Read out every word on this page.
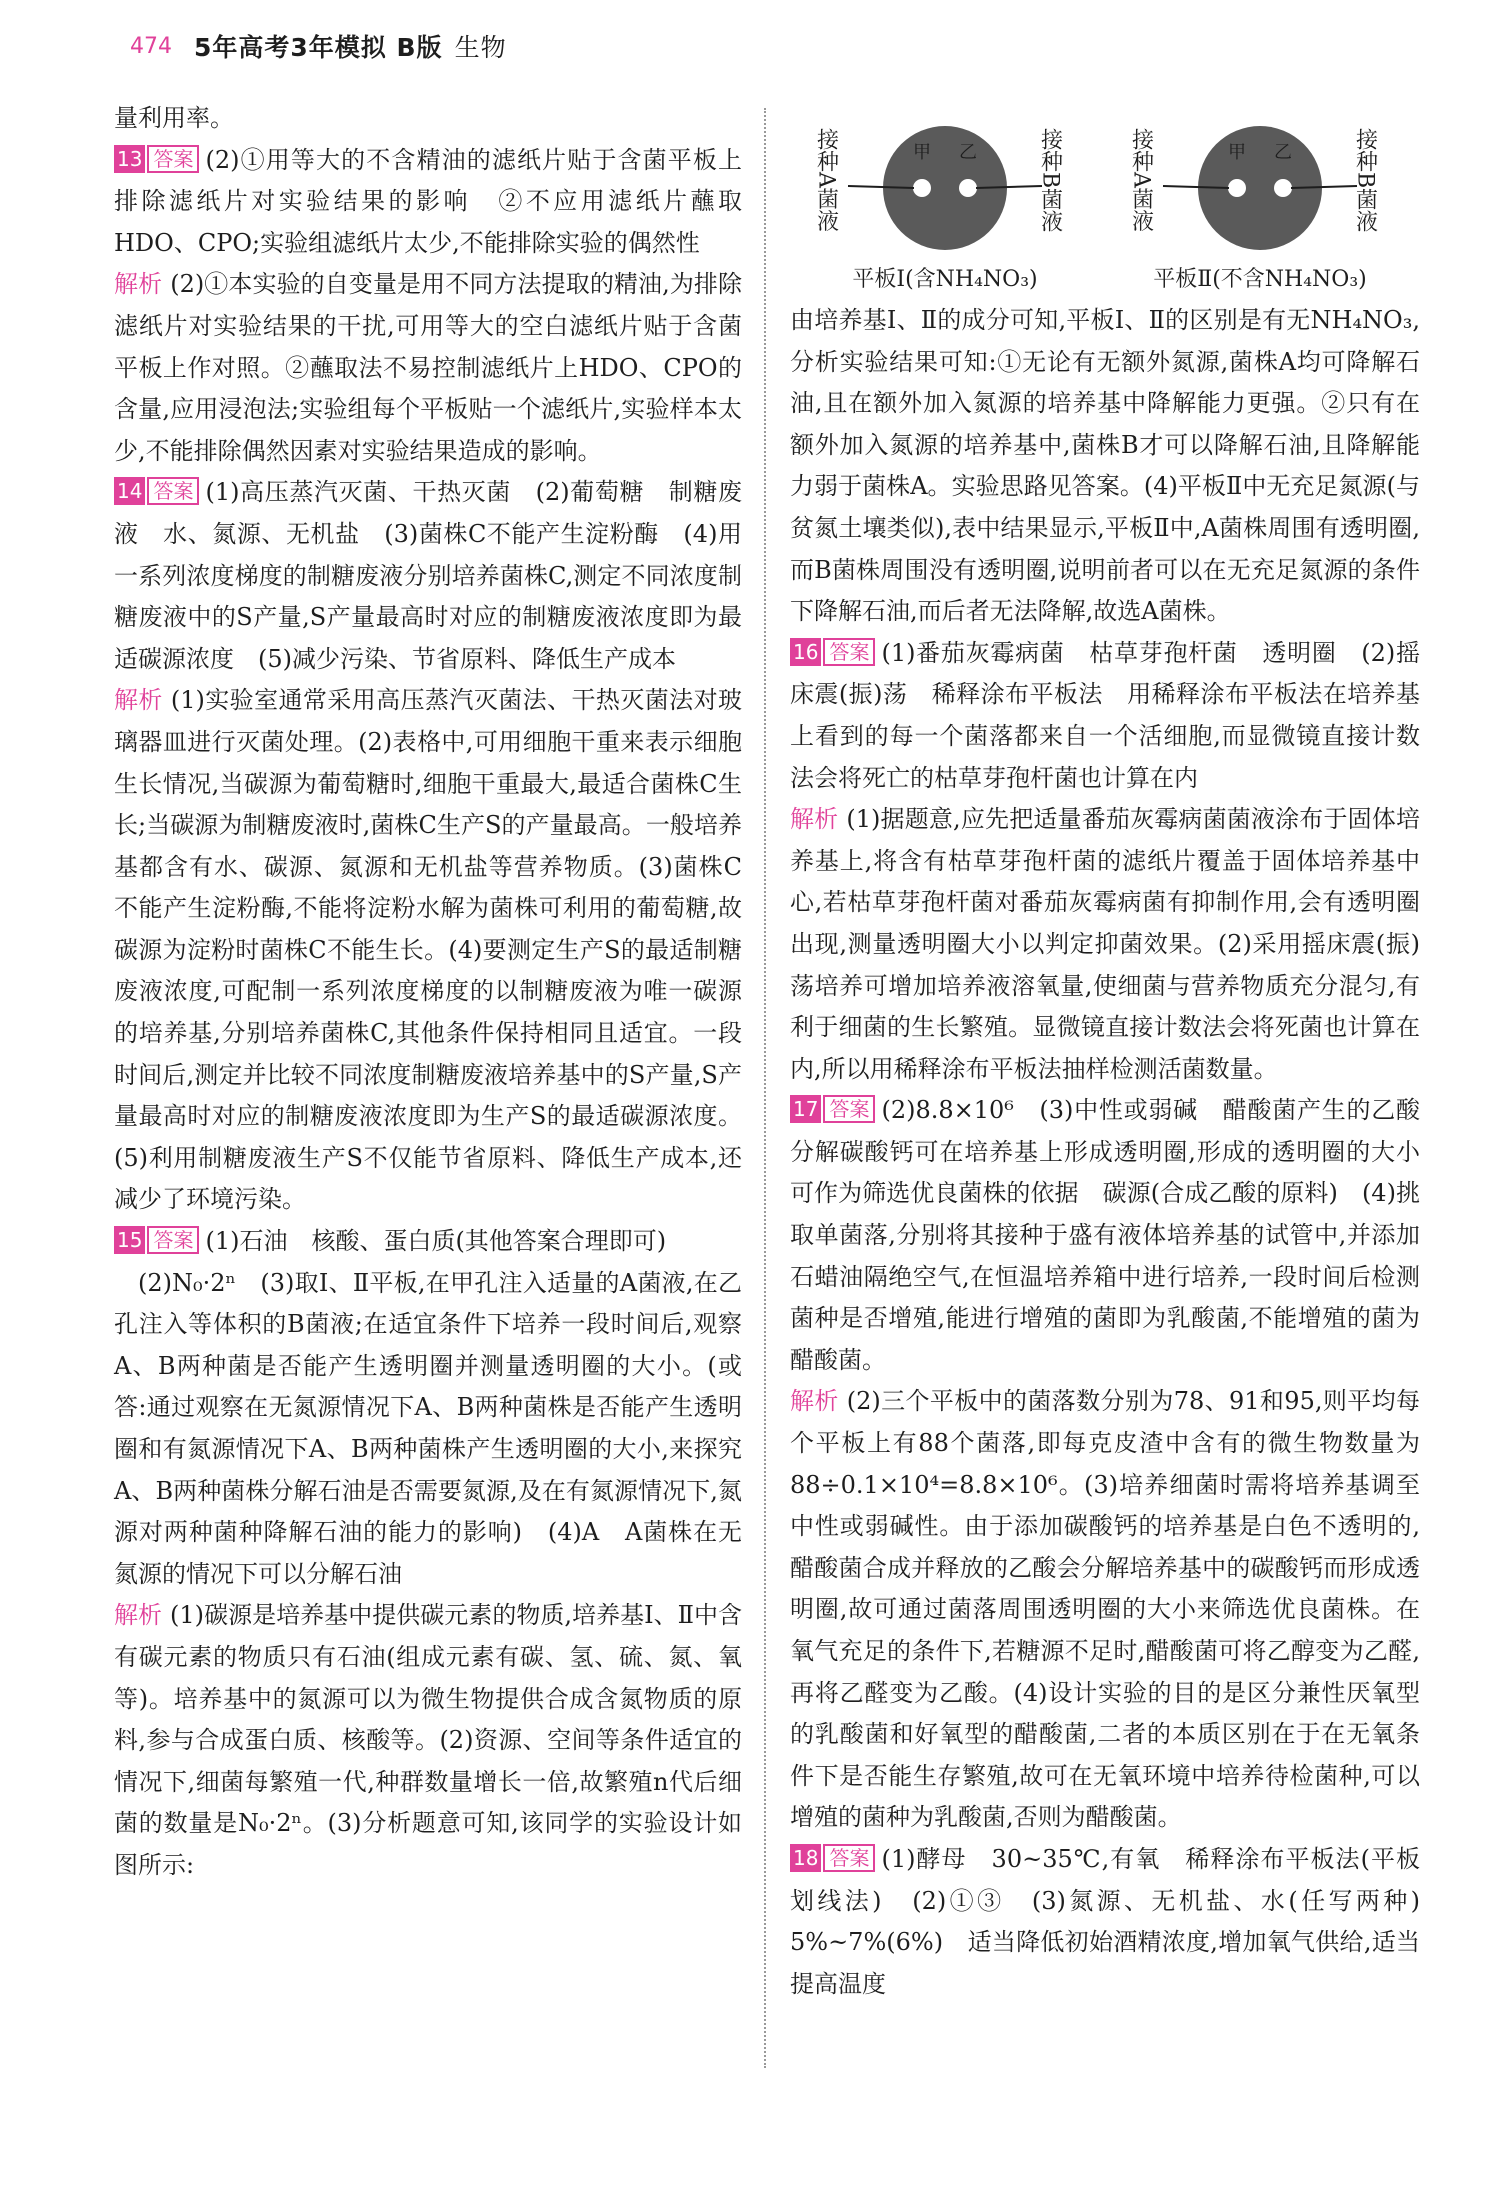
474 5年高考3年模拟 B版 生物

量利用率。

13 答案 (2)①用等大的不含精油的滤纸片贴于含菌平板上　排除滤纸片对实验结果的影响　②不应用滤纸片蘸取HDO、CPO;实验组滤纸片太少,不能排除实验的偶然性

解析 (2)①本实验的自变量是用不同方法提取的精油,为排除滤纸片对实验结果的干扰,可用等大的空白滤纸片贴于含菌平板上作对照。②蘸取法不易控制滤纸片上HDO、CPO的含量,应用浸泡法;实验组每个平板贴一个滤纸片,实验样本太少,不能排除偶然因素对实验结果造成的影响。

14 答案 (1)高压蒸汽灭菌、干热灭菌　(2)葡萄糖　制糖废液　水、氮源、无机盐　(3)菌株C不能产生淀粉酶　(4)用一系列浓度梯度的制糖废液分别培养菌株C,测定不同浓度制糖废液中的S产量,S产量最高时对应的制糖废液浓度即为最适碳源浓度　(5)减少污染、节省原料、降低生产成本

解析 (1)实验室通常采用高压蒸汽灭菌法、干热灭菌法对玻璃器皿进行灭菌处理。(2)表格中,可用细胞干重来表示细胞生长情况,当碳源为葡萄糖时,细胞干重最大,最适合菌株C生长;当碳源为制糖废液时,菌株C生产S的产量最高。一般培养基都含有水、碳源、氮源和无机盐等营养物质。(3)菌株C不能产生淀粉酶,不能将淀粉水解为菌株可利用的葡萄糖,故碳源为淀粉时菌株C不能生长。(4)要测定生产S的最适制糖废液浓度,可配制一系列浓度梯度的以制糖废液为唯一碳源的培养基,分别培养菌株C,其他条件保持相同且适宜。一段时间后,测定并比较不同浓度制糖废液培养基中的S产量,S产量最高时对应的制糖废液浓度即为生产S的最适碳源浓度。(5)利用制糖废液生产S不仅能节省原料、降低生产成本,还减少了环境污染。

15 答案 (1)石油　核酸、蛋白质(其他答案合理即可)

(2)N₀·2ⁿ　(3)取Ⅰ、Ⅱ平板,在甲孔注入适量的A菌液,在乙孔注入等体积的B菌液;在适宜条件下培养一段时间后,观察A、B两种菌是否能产生透明圈并测量透明圈的大小。(或答:通过观察在无氮源情况下A、B两种菌株是否能产生透明圈和有氮源情况下A、B两种菌株产生透明圈的大小,来探究A、B两种菌株分解石油是否需要氮源,及在有氮源情况下,氮源对两种菌种降解石油的能力的影响)　(4)A　A菌株在无氮源的情况下可以分解石油

解析 (1)碳源是培养基中提供碳元素的物质,培养基Ⅰ、Ⅱ中含有碳元素的物质只有石油(组成元素有碳、氢、硫、氮、氧等)。培养基中的氮源可以为微生物提供合成含氮物质的原料,参与合成蛋白质、核酸等。(2)资源、空间等条件适宜的情况下,细菌每繁殖一代,种群数量增长一倍,故繁殖n代后细菌的数量是N₀·2ⁿ。(3)分析题意可知,该同学的实验设计如图所示:

甲 乙
接种A菌液	接种B菌液
平板Ⅰ(含NH₄NO₃)
甲 乙
接种A菌液	接种B菌液
平板Ⅱ(不含NH₄NO₃)

由培养基Ⅰ、Ⅱ的成分可知,平板Ⅰ、Ⅱ的区别是有无NH₄NO₃,分析实验结果可知:①无论有无额外氮源,菌株A均可降解石油,且在额外加入氮源的培养基中降解能力更强。②只有在额外加入氮源的培养基中,菌株B才可以降解石油,且降解能力弱于菌株A。实验思路见答案。(4)平板Ⅱ中无充足氮源(与贫氮土壤类似),表中结果显示,平板Ⅱ中,A菌株周围有透明圈,而B菌株周围没有透明圈,说明前者可以在无充足氮源的条件下降解石油,而后者无法降解,故选A菌株。

16 答案 (1)番茄灰霉病菌　枯草芽孢杆菌　透明圈　(2)摇床震(振)荡　稀释涂布平板法　用稀释涂布平板法在培养基上看到的每一个菌落都来自一个活细胞,而显微镜直接计数法会将死亡的枯草芽孢杆菌也计算在内

解析 (1)据题意,应先把适量番茄灰霉病菌菌液涂布于固体培养基上,将含有枯草芽孢杆菌的滤纸片覆盖于固体培养基中心,若枯草芽孢杆菌对番茄灰霉病菌有抑制作用,会有透明圈出现,测量透明圈大小以判定抑菌效果。(2)采用摇床震(振)荡培养可增加培养液溶氧量,使细菌与营养物质充分混匀,有利于细菌的生长繁殖。显微镜直接计数法会将死菌也计算在内,所以用稀释涂布平板法抽样检测活菌数量。

17 答案 (2)8.8×10⁶　(3)中性或弱碱　醋酸菌产生的乙酸分解碳酸钙可在培养基上形成透明圈,形成的透明圈的大小可作为筛选优良菌株的依据　碳源(合成乙酸的原料)　(4)挑取单菌落,分别将其接种于盛有液体培养基的试管中,并添加石蜡油隔绝空气,在恒温培养箱中进行培养,一段时间后检测菌种是否增殖,能进行增殖的菌即为乳酸菌,不能增殖的菌为醋酸菌。

解析 (2)三个平板中的菌落数分别为78、91和95,则平均每个平板上有88个菌落,即每克皮渣中含有的微生物数量为88÷0.1×10⁴=8.8×10⁶。(3)培养细菌时需将培养基调至中性或弱碱性。由于添加碳酸钙的培养基是白色不透明的,醋酸菌合成并释放的乙酸会分解培养基中的碳酸钙而形成透明圈,故可通过菌落周围透明圈的大小来筛选优良菌株。在氧气充足的条件下,若糖源不足时,醋酸菌可将乙醇变为乙醛,再将乙醛变为乙酸。(4)设计实验的目的是区分兼性厌氧型的乳酸菌和好氧型的醋酸菌,二者的本质区别在于在无氧条件下是否能生存繁殖,故可在无氧环境中培养待检菌种,可以增殖的菌种为乳酸菌,否则为醋酸菌。

18 答案 (1)酵母　30~35℃,有氧　稀释涂布平板法(平板划线法)　(2)①③　(3)氮源、无机盐、水(任写两种)　5%~7%(6%)　适当降低初始酒精浓度,增加氧气供给,适当提高温度
